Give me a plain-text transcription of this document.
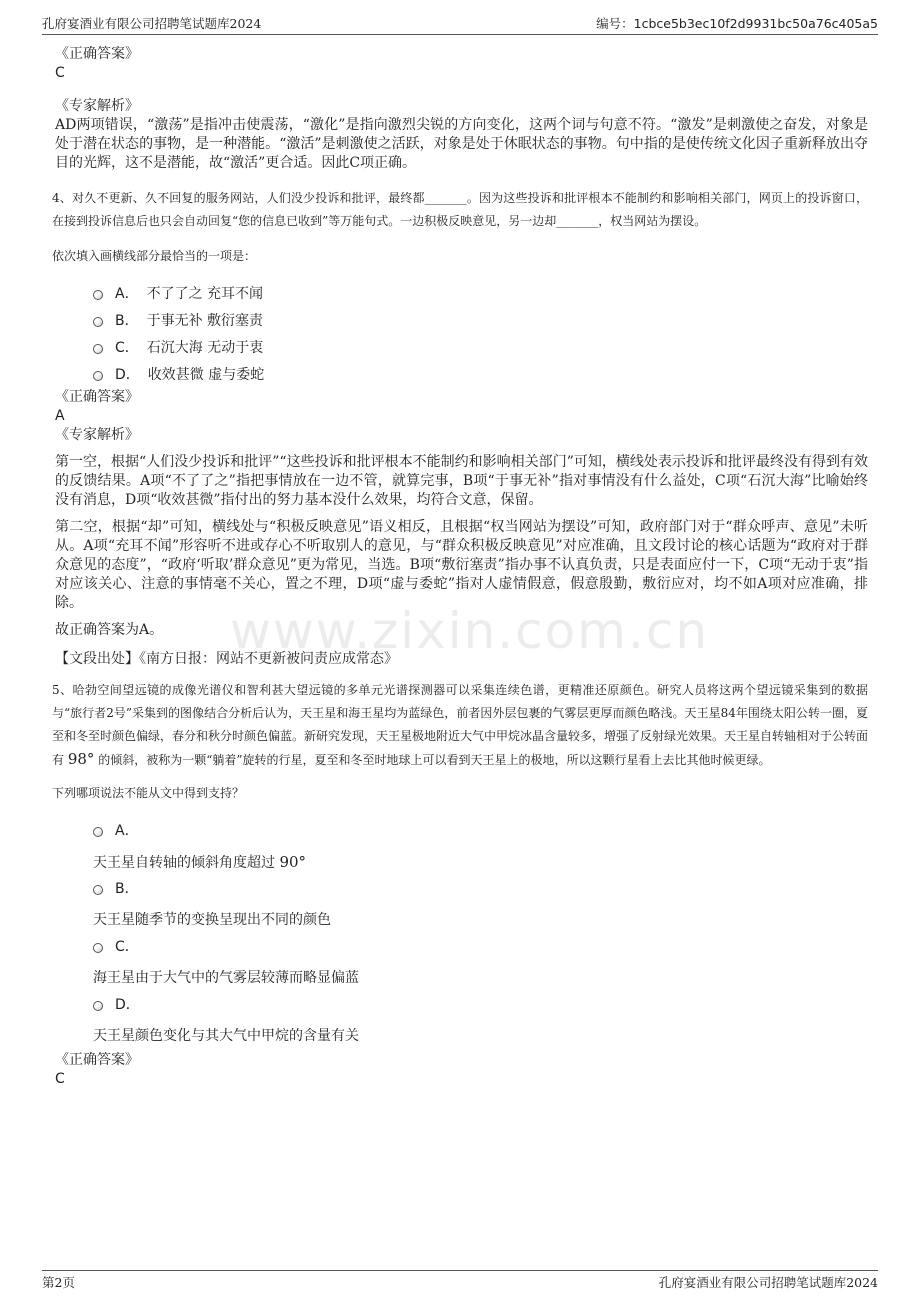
孔府宴酒业有限公司招聘笔试题库2024	编号：1cbce5b3ec10f2d9931bc50a76c405a5
www.zixin.com.cn
《正确答案》
C
《专家解析》
AD两项错误，“激荡”是指冲击使震荡，“激化”是指向激烈尖锐的方向变化，这两个词与句意不符。“激发”是刺激使之奋发，对象是处于潜在状态的事物，是一种潜能。“激活”是刺激使之活跃，对象是处于休眠状态的事物。句中指的是使传统文化因子重新释放出夺目的光辉，这不是潜能，故“激活”更合适。因此C项正确。
4、对久不更新、久不回复的服务网站，人们没少投诉和批评，最终都_______。因为这些投诉和批评根本不能制约和影响相关部门，网页上的投诉窗口，在接到投诉信息后也只会自动回复“您的信息已收到”等万能句式。一边积极反映意见，另一边却_______，权当网站为摆设。
依次填入画横线部分最恰当的一项是：
A． 不了了之 充耳不闻
B． 于事无补 敷衍塞责
C． 石沉大海 无动于衷
D． 收效甚微 虚与委蛇
《正确答案》
A
《专家解析》
第一空，根据“人们没少投诉和批评”“这些投诉和批评根本不能制约和影响相关部门”可知，横线处表示投诉和批评最终没有得到有效的反馈结果。A项“不了了之”指把事情放在一边不管，就算完事，B项“于事无补”指对事情没有什么益处，C项“石沉大海”比喻始终没有消息，D项“收效甚微”指付出的努力基本没什么效果，均符合文意，保留。
第二空，根据“却”可知，横线处与“积极反映意见”语义相反，且根据“权当网站为摆设”可知，政府部门对于“群众呼声、意见”未听从。A项“充耳不闻”形容听不进或存心不听取别人的意见，与“群众积极反映意见”对应准确，且文段讨论的核心话题为“政府对于群众意见的态度”，“政府‘听取’群众意见”更为常见，当选。B项“敷衍塞责”指办事不认真负责，只是表面应付一下，C项“无动于衷”指对应该关心、注意的事情毫不关心，置之不理，D项“虚与委蛇”指对人虚情假意，假意殷勤，敷衍应对，均不如A项对应准确，排除。
故正确答案为A。
【文段出处】《南方日报：网站不更新被问责应成常态》
5、哈勃空间望远镜的成像光谱仪和智利甚大望远镜的多单元光谱探测器可以采集连续色谱，更精准还原颜色。研究人员将这两个望远镜采集到的数据与“旅行者2号”采集到的图像结合分析后认为，天王星和海王星均为蓝绿色，前者因外层包裹的气雾层更厚而颜色略浅。天王星84年围绕太阳公转一圈，夏至和冬至时颜色偏绿，春分和秋分时颜色偏蓝。新研究发现，天王星极地附近大气中甲烷冰晶含量较多，增强了反射绿光效果。天王星自转轴相对于公转面有 98° 的倾斜，被称为一颗“躺着”旋转的行星，夏至和冬至时地球上可以看到天王星上的极地，所以这颗行星看上去比其他时候更绿。
下列哪项说法不能从文中得到支持？
A．
天王星自转轴的倾斜角度超过 90°
B．
天王星随季节的变换呈现出不同的颜色
C．
海王星由于大气中的气雾层较薄而略显偏蓝
D．
天王星颜色变化与其大气中甲烷的含量有关
《正确答案》
C
第2页	孔府宴酒业有限公司招聘笔试题库2024
